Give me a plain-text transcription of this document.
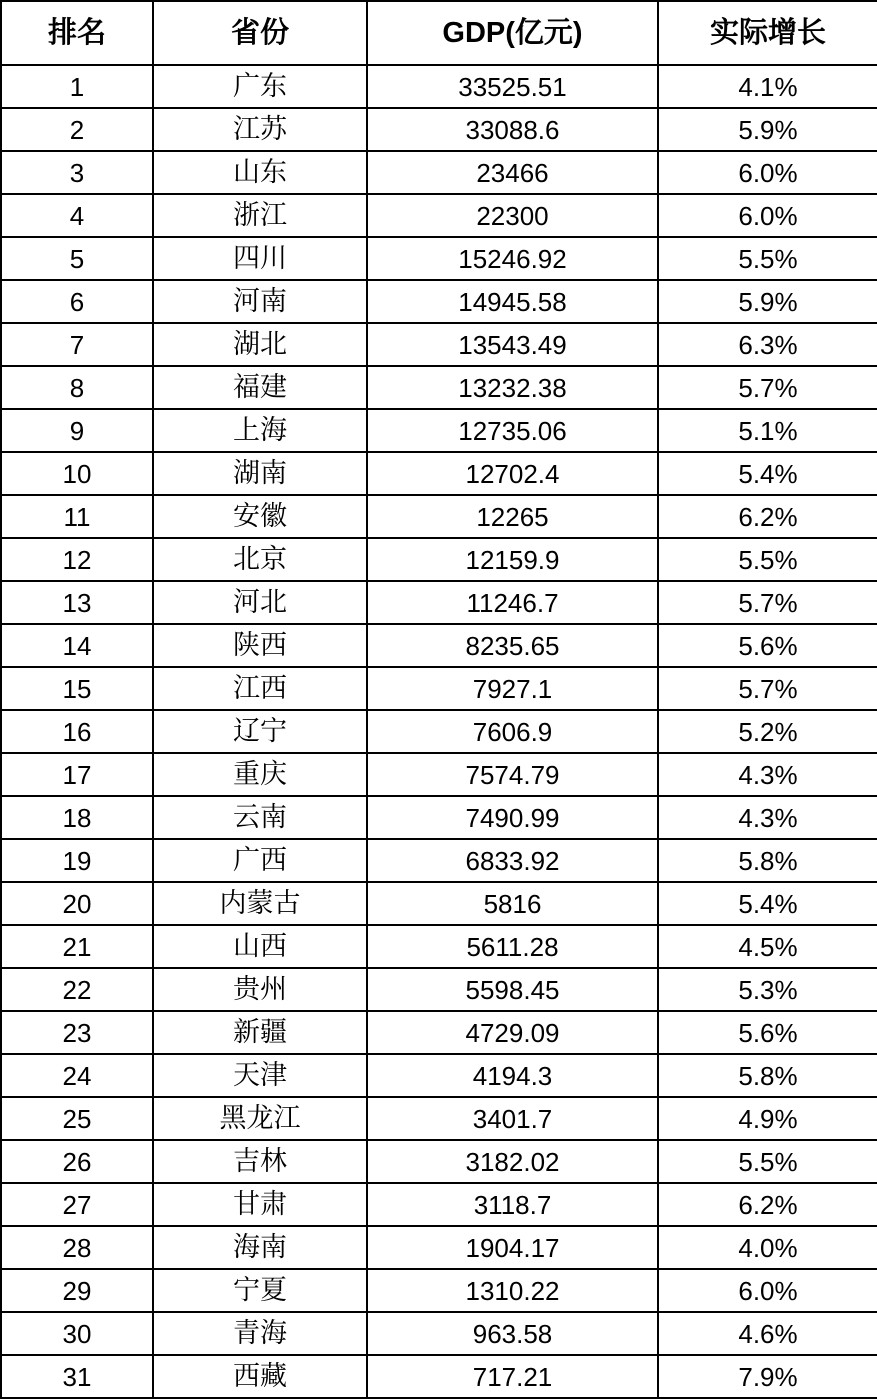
排名	省份	GDP(亿元)	实际增长
1	广东	33525.51	4.1%
2	江苏	33088.6	5.9%
3	山东	23466	6.0%
4	浙江	22300	6.0%
5	四川	15246.92	5.5%
6	河南	14945.58	5.9%
7	湖北	13543.49	6.3%
8	福建	13232.38	5.7%
9	上海	12735.06	5.1%
10	湖南	12702.4	5.4%
11	安徽	12265	6.2%
12	北京	12159.9	5.5%
13	河北	11246.7	5.7%
14	陕西	8235.65	5.6%
15	江西	7927.1	5.7%
16	辽宁	7606.9	5.2%
17	重庆	7574.79	4.3%
18	云南	7490.99	4.3%
19	广西	6833.92	5.8%
20	内蒙古	5816	5.4%
21	山西	5611.28	4.5%
22	贵州	5598.45	5.3%
23	新疆	4729.09	5.6%
24	天津	4194.3	5.8%
25	黑龙江	3401.7	4.9%
26	吉林	3182.02	5.5%
27	甘肃	3118.7	6.2%
28	海南	1904.17	4.0%
29	宁夏	1310.22	6.0%
30	青海	963.58	4.6%
31	西藏	717.21	7.9%
